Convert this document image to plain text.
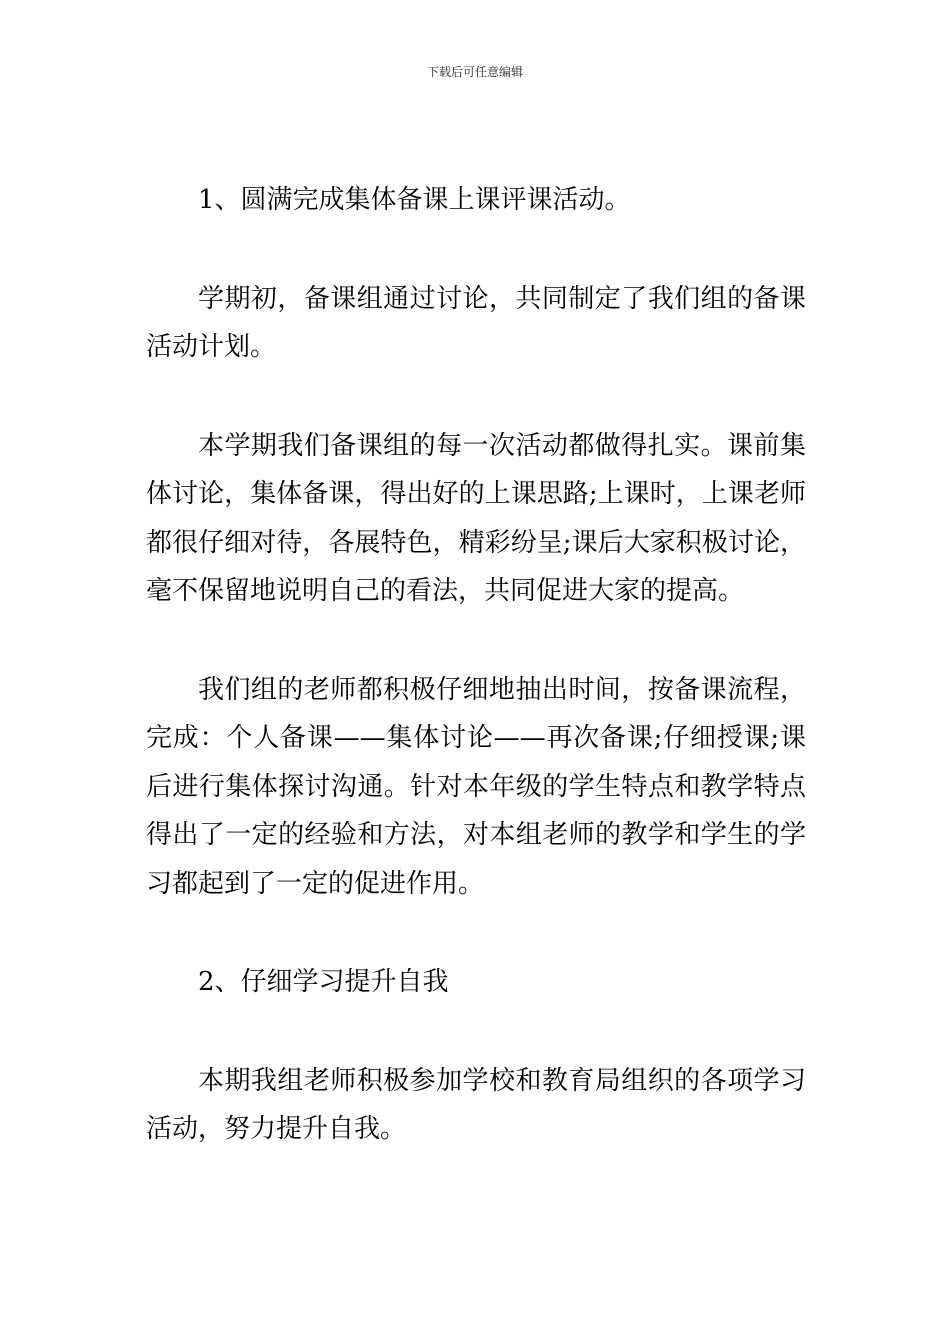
下载后可任意编辑

1、圆满完成集体备课上课评课活动。

学期初，备课组通过讨论，共同制定了我们组的备课活动计划。

本学期我们备课组的每一次活动都做得扎实。课前集体讨论，集体备课，得出好的上课思路;上课时，上课老师都很仔细对待，各展特色，精彩纷呈;课后大家积极讨论，毫不保留地说明自己的看法，共同促进大家的提高。

我们组的老师都积极仔细地抽出时间，按备课流程，完成：个人备课——集体讨论——再次备课;仔细授课;课后进行集体探讨沟通。针对本年级的学生特点和教学特点得出了一定的经验和方法，对本组老师的教学和学生的学习都起到了一定的促进作用。

2、仔细学习提升自我

本期我组老师积极参加学校和教育局组织的各项学习活动，努力提升自我。
